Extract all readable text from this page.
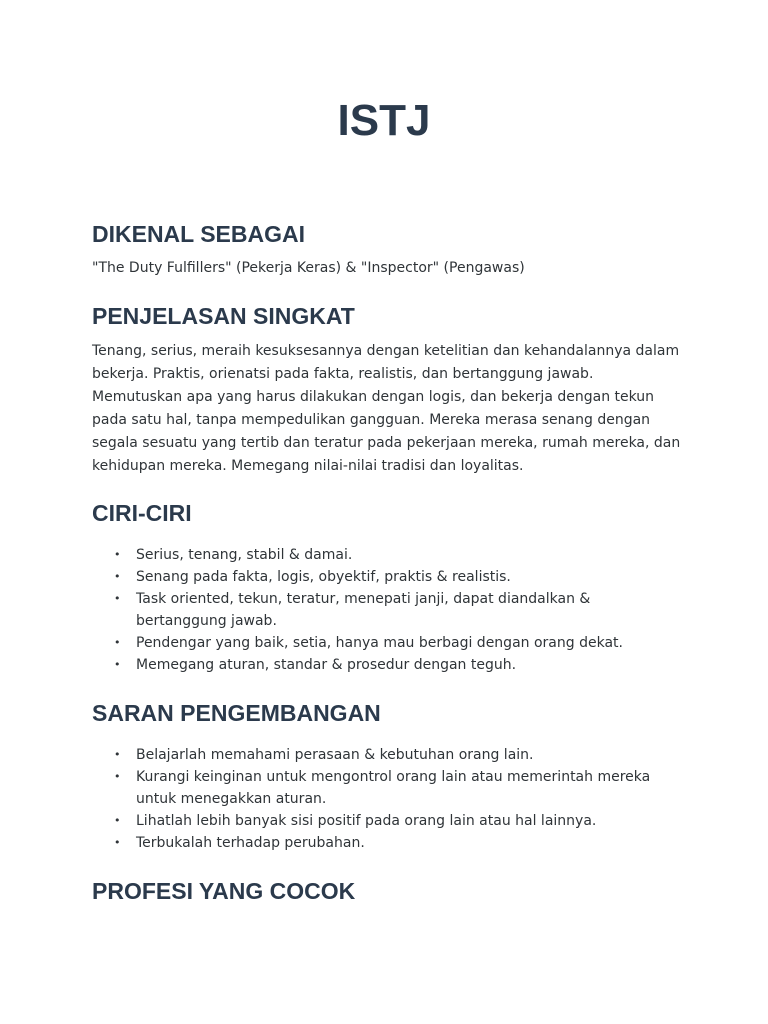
ISTJ
DIKENAL SEBAGAI

"The Duty Fulfillers" (Pekerja Keras) & "Inspector" (Pengawas)

PENJELASAN SINGKAT

Tenang, serius, meraih kesuksesannya dengan ketelitian dan kehandalannya dalam bekerja. Praktis, orienatsi pada fakta, realistis, dan bertanggung jawab. Memutuskan apa yang harus dilakukan dengan logis, dan bekerja dengan tekun pada satu hal, tanpa mempedulikan gangguan. Mereka merasa senang dengan segala sesuatu yang tertib dan teratur pada pekerjaan mereka, rumah mereka, dan kehidupan mereka. Memegang nilai-nilai tradisi dan loyalitas.

CIRI-CIRI
• Serius, tenang, stabil & damai.
• Senang pada fakta, logis, obyektif, praktis & realistis.
• Task oriented, tekun, teratur, menepati janji, dapat diandalkan & bertanggung jawab.
• Pendengar yang baik, setia, hanya mau berbagi dengan orang dekat.
• Memegang aturan, standar & prosedur dengan teguh.
SARAN PENGEMBANGAN
• Belajarlah memahami perasaan & kebutuhan orang lain.
• Kurangi keinginan untuk mengontrol orang lain atau memerintah mereka untuk menegakkan aturan.
• Lihatlah lebih banyak sisi positif pada orang lain atau hal lainnya.
• Terbukalah terhadap perubahan.
PROFESI YANG COCOK
